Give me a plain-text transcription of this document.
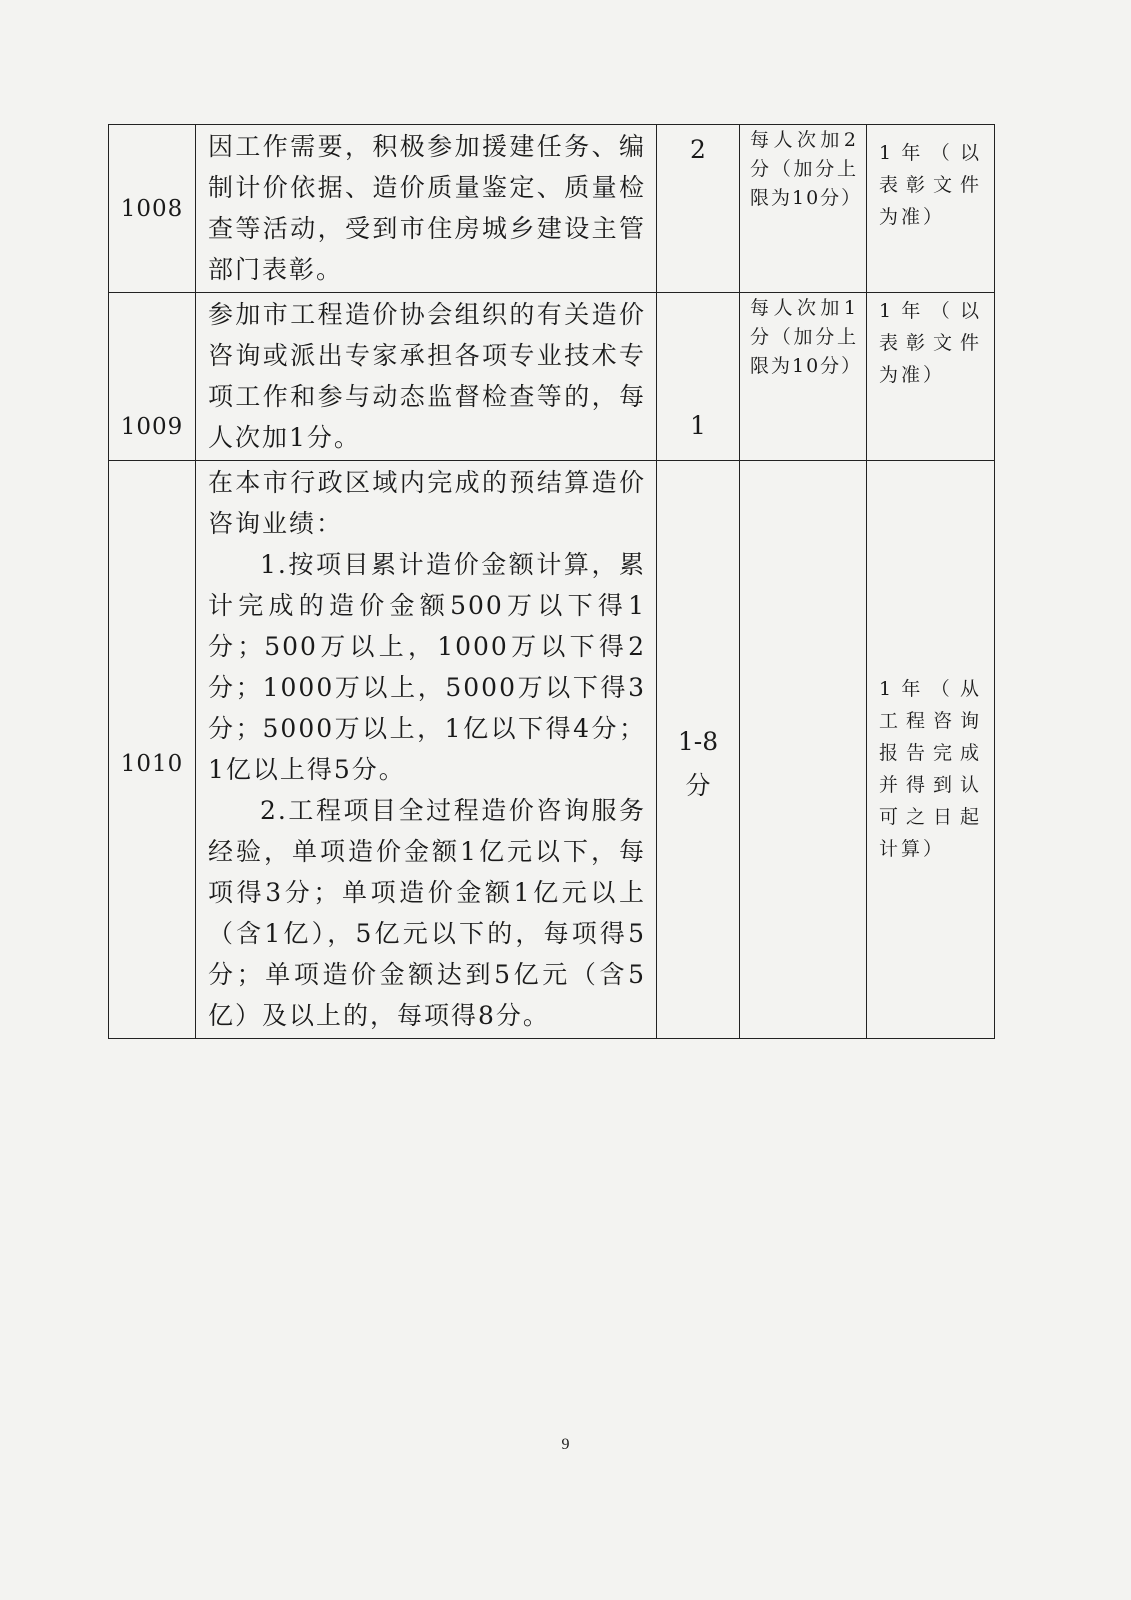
1008	因工作需要，积极参加援建任务、编制计价依据、造价质量鉴定、质量检查等活动，受到市住房城乡建设主管部门表彰。	2	每人次加2分（加分上限为10分）	1年（以表彰文件为准）
1009	参加市工程造价协会组织的有关造价咨询或派出专家承担各项专业技术专项工作和参与动态监督检查等的，每人次加1分。	1	每人次加1分（加分上限为10分）	1年（以表彰文件为准）
1010	在本市行政区域内完成的预结算造价咨询业绩：
1.按项目累计造价金额计算，累计完成的造价金额500万以下得1分；500万以上，1000万以下得2分；1000万以上，5000万以下得3分；5000万以上，1亿以下得4分；1亿以上得5分。
2.工程项目全过程造价咨询服务经验，单项造价金额1亿元以下，每项得3分；单项造价金额1亿元以上（含1亿），5亿元以下的，每项得5分；单项造价金额达到5亿元（含5亿）及以上的，每项得8分。	1-8分		1年（从工程咨询报告完成并得到认可之日起计算）
9
